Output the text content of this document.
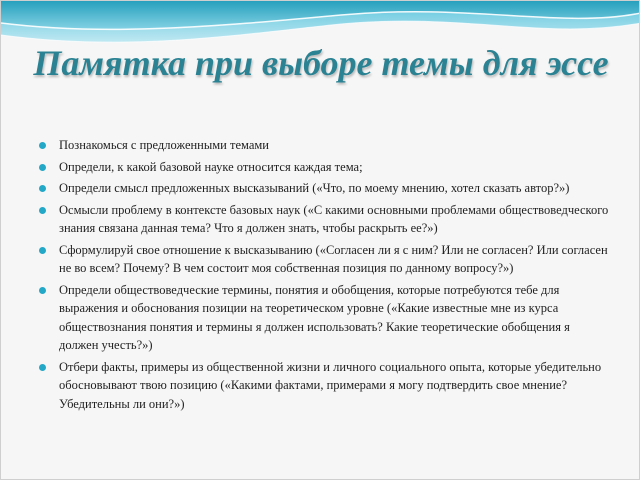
Памятка при выборе темы для эссе
Познакомься с предложенными темами
Определи, к какой базовой науке относится каждая тема;
Определи смысл предложенных высказываний («Что, по моему мнению, хотел сказать автор?»)
Осмысли проблему в контексте базовых наук («С какими основными проблемами обществоведческого знания связана данная тема? Что я должен знать, чтобы раскрыть ее?»)
Сформулируй свое отношение к высказыванию («Согласен ли я с ним? Или не согласен? Или согласен не во всем? Почему? В чем состоит моя собственная позиция по данному вопросу?»)
Определи обществоведческие термины, понятия и обобщения, которые потребуются тебе для выражения и обоснования позиции на теоретическом уровне («Какие известные мне из курса обществознания понятия и термины я должен использовать? Какие теоретические обобщения я должен учесть?»)
Отбери факты, примеры из общественной жизни и личного социального опыта, которые убедительно обосновывают твою позицию («Какими фактами, примерами я могу подтвердить свое мнение? Убедительны ли они?»)
